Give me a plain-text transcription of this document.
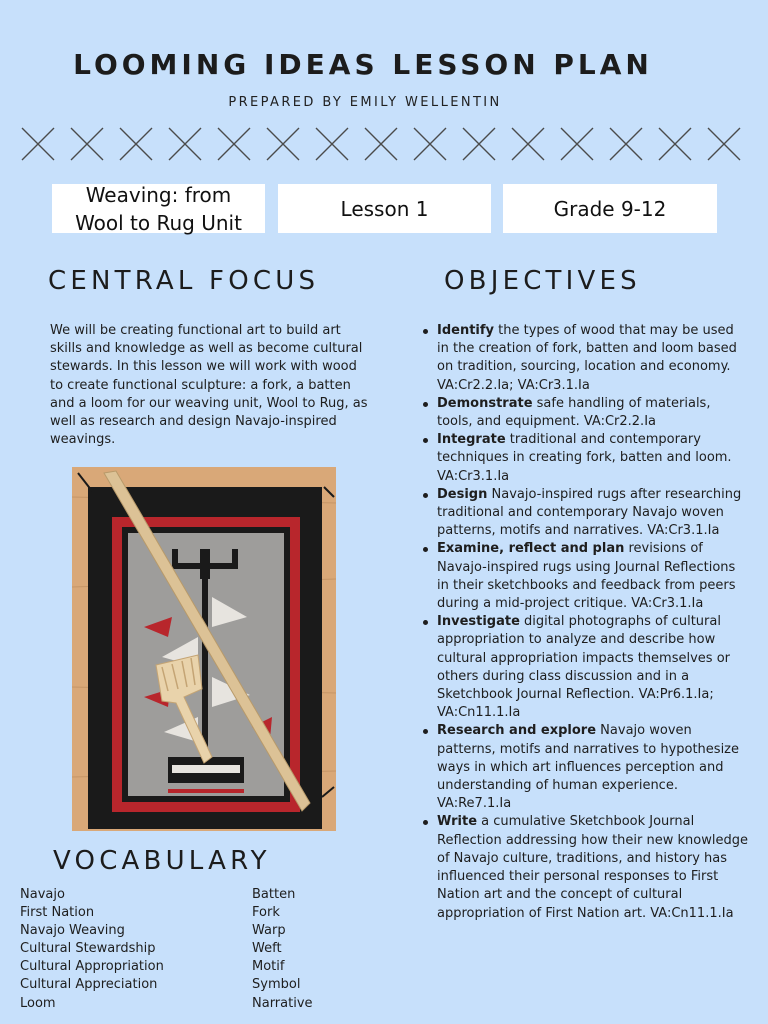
LOOMING IDEAS LESSON PLAN
PREPARED BY EMILY WELLENTIN
Weaving: from
Wool to Rug Unit
Lesson 1	Grade 9-12
CENTRAL FOCUS
We will be creating functional art to build art skills and knowledge as well as become cultural stewards. In this lesson we will work with wood to create functional sculpture: a fork, a batten and a loom for our weaving unit, Wool to Rug, as well as research and design Navajo-inspired weavings.
OBJECTIVES
Identify the types of wood that may be used in the creation of fork, batten and loom based on tradition, sourcing, location and economy. VA:Cr2.2.Ia; VA:Cr3.1.Ia
Demonstrate safe handling of materials, tools, and equipment. VA:Cr2.2.Ia
Integrate traditional and contemporary techniques in creating fork, batten and loom. VA:Cr3.1.Ia
Design Navajo-inspired rugs after researching traditional and contemporary Navajo woven patterns, motifs and narratives. VA:Cr3.1.Ia
Examine, reflect and plan revisions of Navajo-inspired rugs using Journal Reflections in their sketchbooks and feedback from peers during a mid-project critique. VA:Cr3.1.Ia
Investigate digital photographs of cultural appropriation to analyze and describe how cultural appropriation impacts themselves or others during class discussion and in a Sketchbook Journal Reflection. VA:Pr6.1.Ia; VA:Cn11.1.Ia
Research and explore Navajo woven patterns, motifs and narratives to hypothesize ways in which art influences perception and understanding of human experience. VA:Re7.1.Ia
Write a cumulative Sketchbook Journal Reflection addressing how their new knowledge of Navajo culture, traditions, and history has influenced their personal responses to First Nation art and the concept of cultural appropriation of First Nation art. VA:Cn11.1.Ia
VOCABULARY
Navajo
First Nation
Navajo Weaving
Cultural Stewardship
Cultural Appropriation
Cultural Appreciation
Loom
Batten
Fork
Warp
Weft
Motif
Symbol
Narrative
